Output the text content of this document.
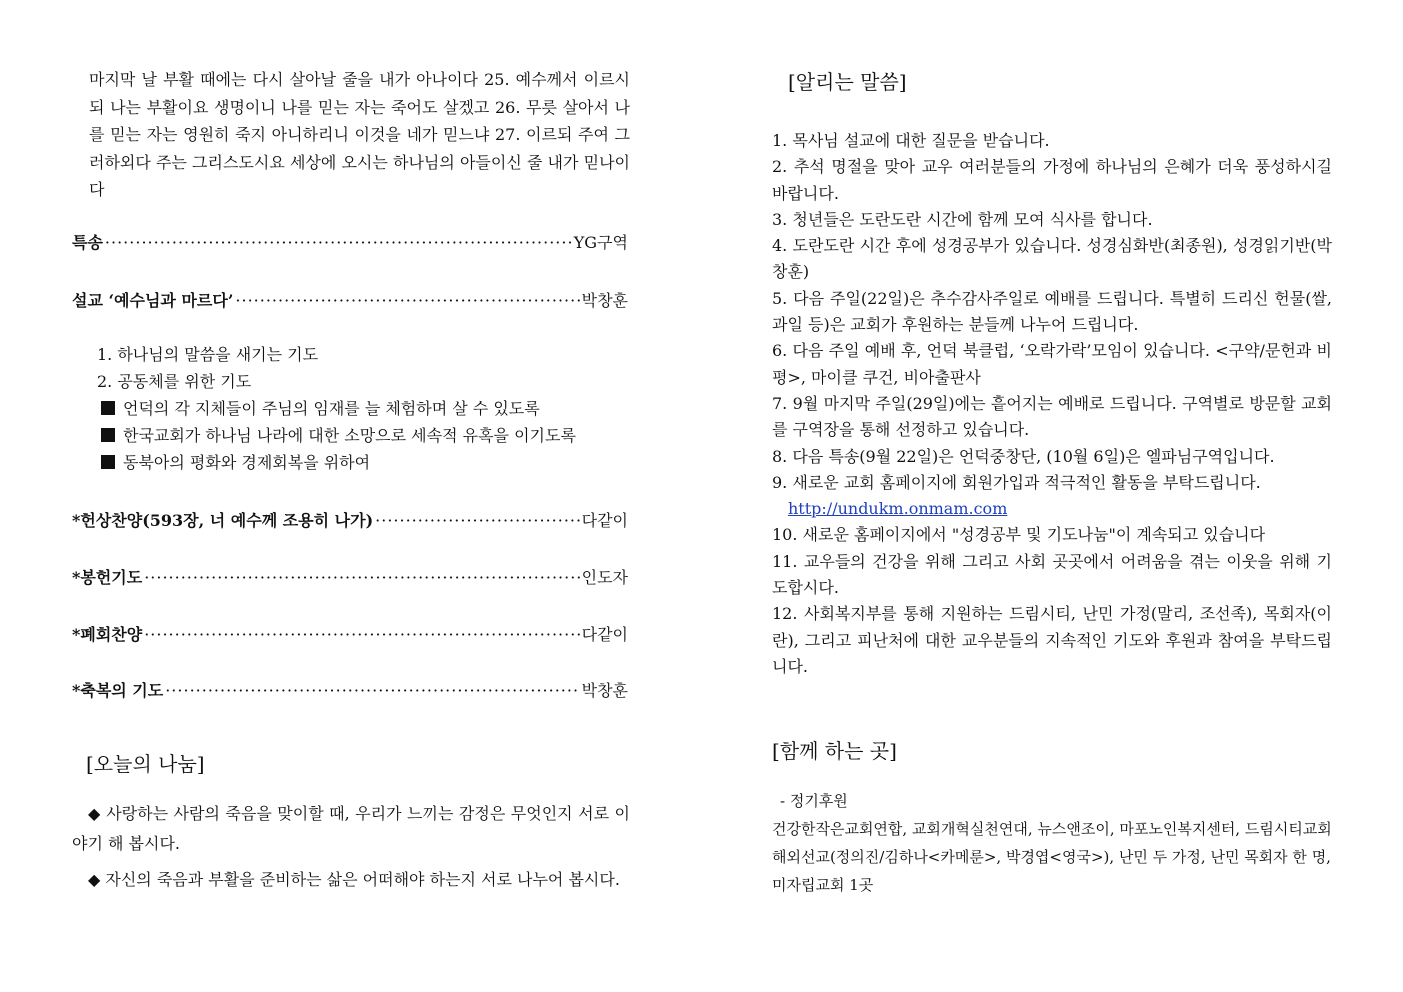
마지막 날 부활 때에는 다시 살아날 줄을 내가 아나이다 25. 예수께서 이르시되 나는 부활이요 생명이니 나를 믿는 자는 죽어도 살겠고 26. 무릇 살아서 나를 믿는 자는 영원히 죽지 아니하리니 이것을 네가 믿느냐 27. 이르되 주여 그러하외다 주는 그리스도시요 세상에 오시는 하나님의 아들이신 줄 내가 믿나이다
특송 ·····	YG구역
설교 ‘예수님과 마르다’ ·····	박창훈
1. 하나님의 말씀을 새기는 기도
2. 공동체를 위한 기도
언덕의 각 지체들이 주님의 임재를 늘 체험하며 살 수 있도록
한국교회가 하나님 나라에 대한 소망으로 세속적 유혹을 이기도록
동북아의 평화와 경제회복을 위하여
*헌상찬양(593장, 너 예수께 조용히 나가) ·····	다같이
*봉헌기도 ·····	인도자
*폐회찬양 ·····	다같이
*축복의 기도 ·····	박창훈
[오늘의 나눔]

◆ 사랑하는 사람의 죽음을 맞이할 때, 우리가 느끼는 감정은 무엇인지 서로 이야기 해 봅시다.

◆ 자신의 죽음과 부활을 준비하는 삶은 어떠해야 하는지 서로 나누어 봅시다.

[알리는 말씀]
1. 목사님 설교에 대한 질문을 받습니다.
2. 추석 명절을 맞아 교우 여러분들의 가정에 하나님의 은혜가 더욱 풍성하시길 바랍니다.
3. 청년들은 도란도란 시간에 함께 모여 식사를 합니다.
4. 도란도란 시간 후에 성경공부가 있습니다. 성경심화반(최종원), 성경읽기반(박창훈)
5. 다음 주일(22일)은 추수감사주일로 예배를 드립니다. 특별히 드리신 헌물(쌀, 과일 등)은 교회가 후원하는 분들께 나누어 드립니다.
6. 다음 주일 예배 후, 언덕 북클럽, ‘오락가락’모임이 있습니다. <구약/문헌과 비평>, 마이클 쿠건, 비아출판사
7. 9월 마지막 주일(29일)에는 흩어지는 예배로 드립니다. 구역별로 방문할 교회를 구역장을 통해 선정하고 있습니다.
8. 다음 특송(9월 22일)은 언덕중창단, (10월 6일)은 엘파님구역입니다.
9. 새로운 교회 홈페이지에 회원가입과 적극적인 활동을 부탁드립니다.
http://undukm.onmam.com
10. 새로운 홈페이지에서 "성경공부 및 기도나눔"이 계속되고 있습니다
11. 교우들의 건강을 위해 그리고 사회 곳곳에서 어려움을 겪는 이웃을 위해 기도합시다.
12. 사회복지부를 통해 지원하는 드림시티, 난민 가정(말리, 조선족), 목회자(이란), 그리고 피난처에 대한 교우분들의 지속적인 기도와 후원과 참여을 부탁드립니다.
[함께 하는 곳]

- 정기후원

건강한작은교회연합, 교회개혁실천연대, 뉴스앤조이, 마포노인복지센터, 드림시티교회

해외선교(정의진/김하나<카메룬>, 박경엽<영국>), 난민 두 가정, 난민 목회자 한 명,

미자립교회 1곳
